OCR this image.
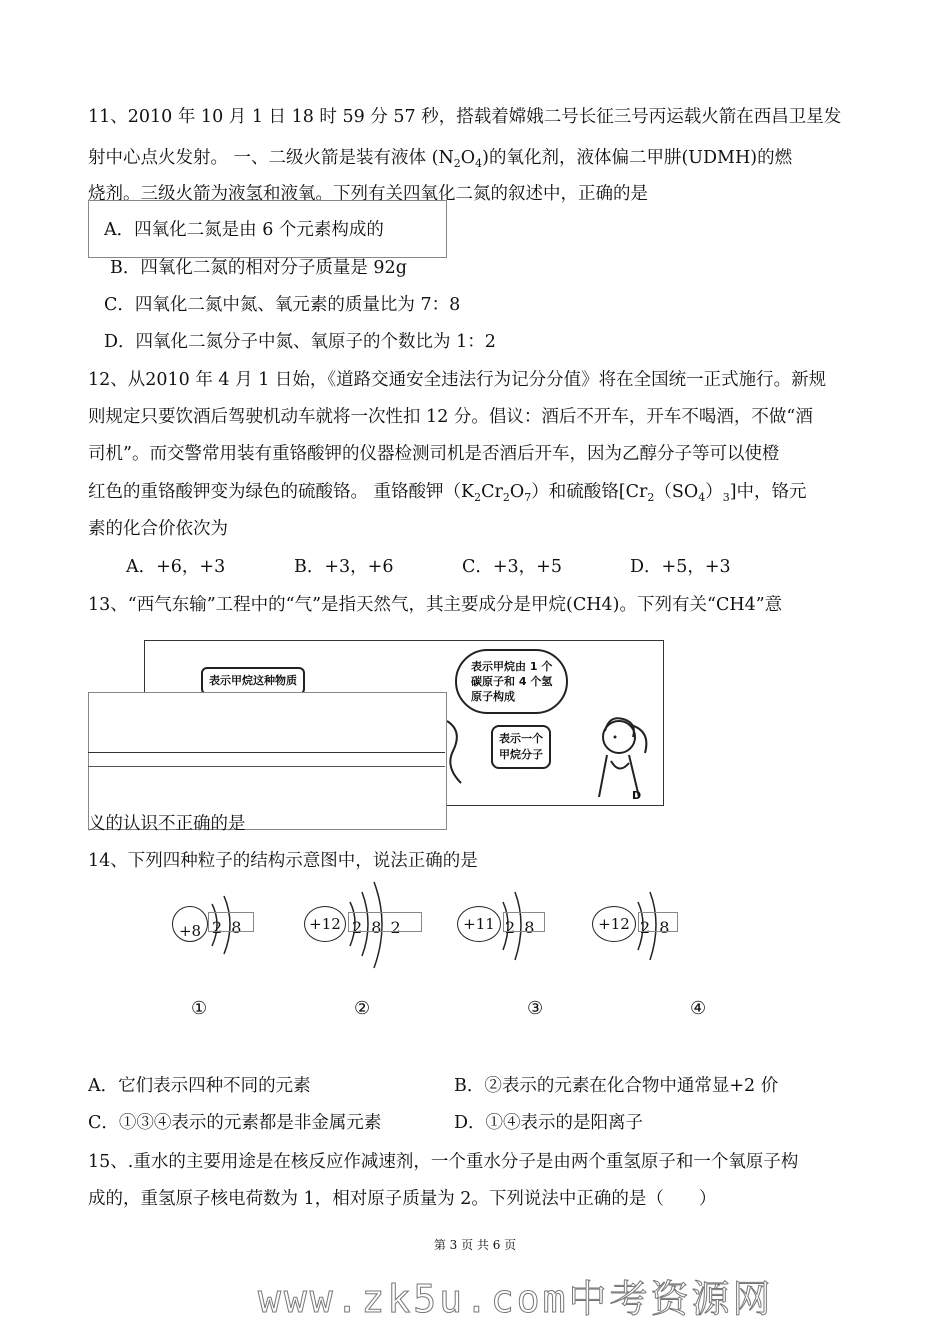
11、2010 年 10 月 1 日 18 时 59 分 57 秒，搭载着嫦娥二号长征三号丙运载火箭在西昌卫星发
射中心点火发射。 一、二级火箭是装有液体 $(N_2O_4)$的氧化剂，液体偏二甲肼(UDMH)的燃
烧剂。三级火箭为液氢和液氧。下列有关四氧化二氮的叙述中，正确的是
A．四氧化二氮是由 6 个元素构成的
B．四氧化二氮的相对分子质量是 92g
C．四氧化二氮中氮、氧元素的质量比为 7：8
D．四氧化二氮分子中氮、氧原子的个数比为 1：2
12、从2010 年 4 月 1 日始，《道路交通安全违法行为记分分值》将在全国统一正式施行。新规
则规定只要饮酒后驾驶机动车就将一次性扣 12 分。倡议：酒后不开车，开车不喝酒，不做“酒
司机”。而交警常用装有重铬酸钾的仪器检测司机是否酒后开车，因为乙醇分子等可以使橙
红色的重铬酸钾变为绿色的硫酸铬。 重铬酸钾$(K_2Cr_2O_7)$和硫酸铬$[Cr_2(SO_4)_3]$中，铬元
素的化合价依次为
A．+6，+3	B．+3，+6	C．+3，+5	D．+5，+3
13、“西气东输”工程中的“气”是指天然气，其主要成分是甲烷(CH4)。下列有关“CH4”意
表示甲烷这种物质
表示甲烷由 1 个
碳原子和 4 个氢
原子构成
表示一个
甲烷分子
D
义的认识不正确的是
14、下列四种粒子的结构示意图中，说法正确的是
+8 2 8	+12 2 8 2	+11 2 8	+12 2 8
①	②	③	④
A．它们表示四种不同的元素	B．②表示的元素在化合物中通常显+2 价
C．①③④表示的元素都是非金属元素	D．①④表示的是阳离子
15、.重水的主要用途是在核反应作减速剂，一个重水分子是由两个重氢原子和一个氧原子构
成的，重氢原子核电荷数为 1，相对原子质量为 2。下列说法中正确的是（　　）
第 3 页 共 6 页
www.zk5u.com中考资源网
